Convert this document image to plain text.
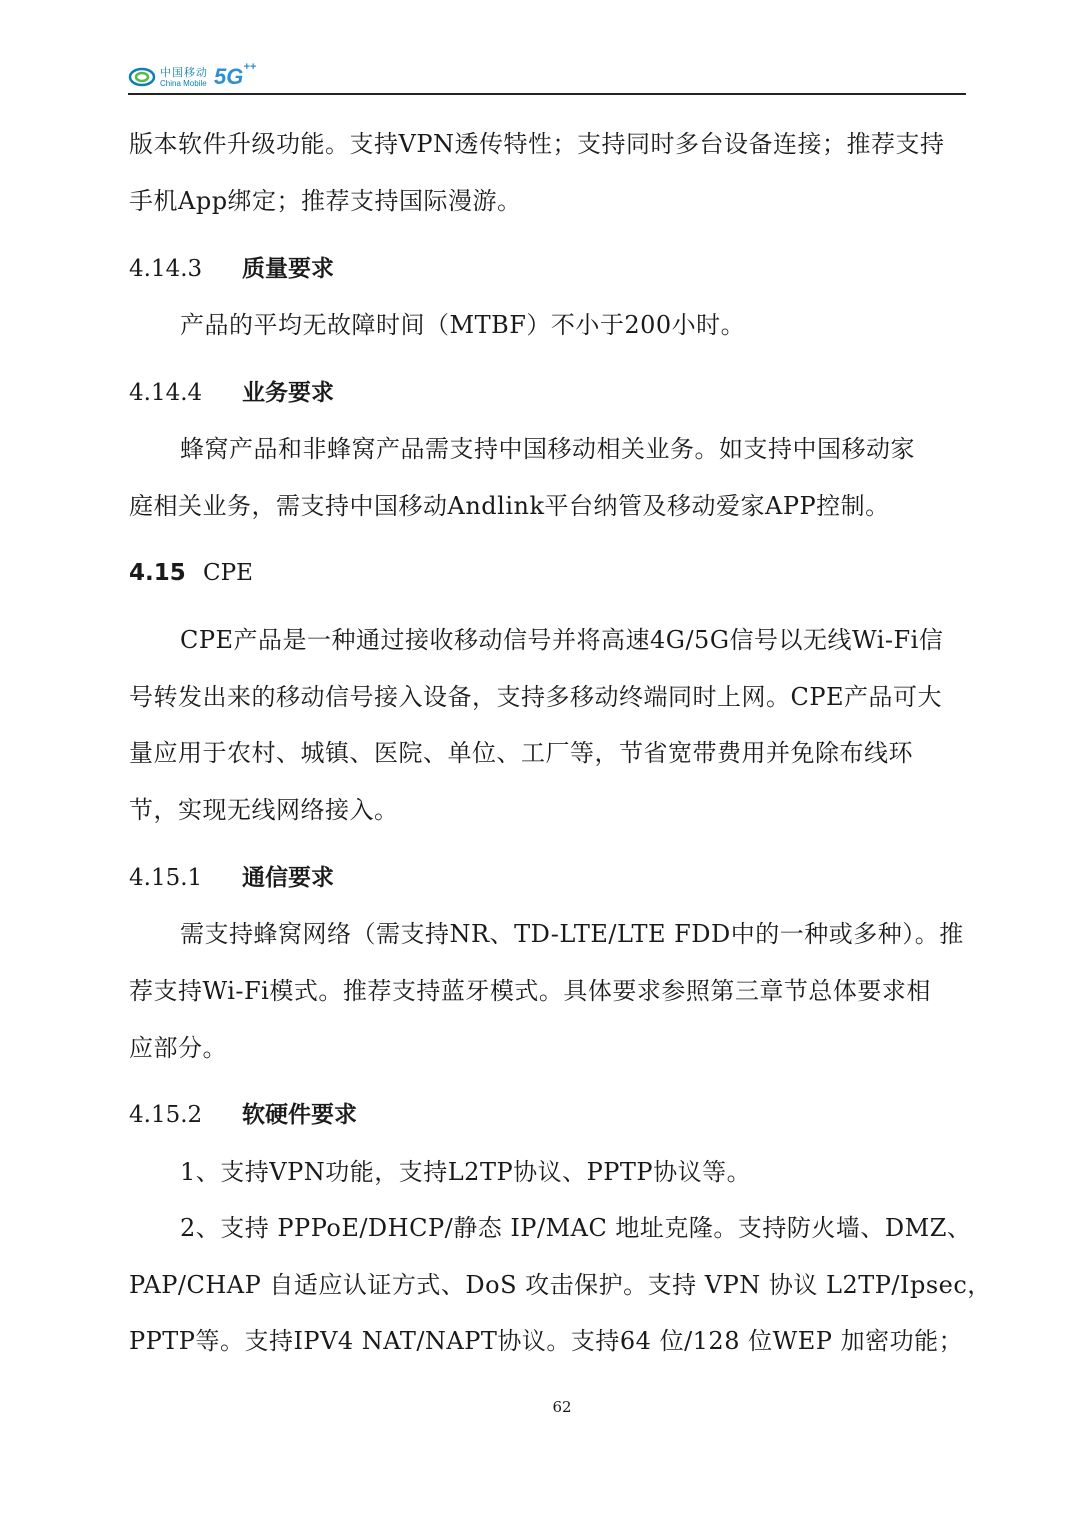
中国移动
China Mobile 5G++
版本软件升级功能。支持VPN透传特性；支持同时多台设备连接；推荐支持
手机App绑定；推荐支持国际漫游。
4.14.3 质量要求
产品的平均无故障时间（MTBF）不小于200小时。
4.14.4 业务要求
蜂窝产品和非蜂窝产品需支持中国移动相关业务。如支持中国移动家
庭相关业务，需支持中国移动Andlink平台纳管及移动爱家APP控制。
4.15 CPE
CPE产品是一种通过接收移动信号并将高速4G/5G信号以无线Wi-Fi信
号转发出来的移动信号接入设备，支持多移动终端同时上网。CPE产品可大
量应用于农村、城镇、医院、单位、工厂等，节省宽带费用并免除布线环
节，实现无线网络接入。
4.15.1 通信要求
需支持蜂窝网络（需支持NR、TD-LTE/LTE FDD中的一种或多种）。推
荐支持Wi-Fi模式。推荐支持蓝牙模式。具体要求参照第三章节总体要求相
应部分。
4.15.2 软硬件要求
1、支持VPN功能，支持L2TP协议、PPTP协议等。
2、支持 PPPoE/DHCP/静态 IP/MAC 地址克隆。支持防火墙、DMZ、
PAP/CHAP 自适应认证方式、DoS 攻击保护。支持 VPN 协议 L2TP/Ipsec，
PPTP等。支持IPV4 NAT/NAPT协议。支持64 位/128 位WEP 加密功能；
62
